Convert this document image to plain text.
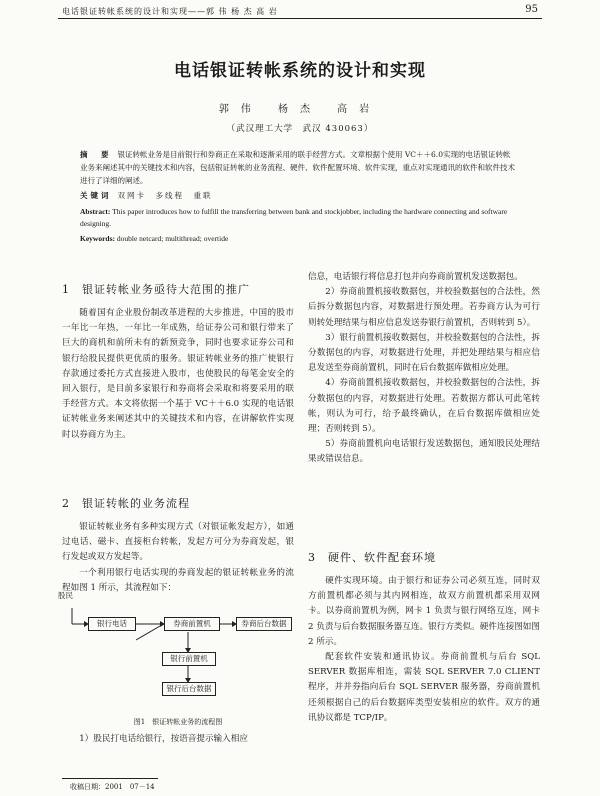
电话银证转帐系统的设计和实现——郭 伟 杨 杰 高 岩	95
电话银证转帐系统的设计和实现
郭伟 杨杰 高岩
（武汉理工大学　武汉 430063）
摘　要 银证转帐业务是目前银行和券商正在采取和逐渐采用的联手经营方式。文章根据个使用 VC＋＋6.0实现的电话银证转帐业务来阐述其中的关键技术和内容，包括银证转帐的业务流程、硬件、软件配置环境、软件实现，重点对实现通讯的软件和软件技术进行了详细的阐述。
关键词 双网卡　多线程　重联
Abstract: This paper introduces how to fulfill the transferring between bank and stockjobber, including the hardware connecting and software designing.
Keywords: double netcard; multithread; overtide
1　银证转帐业务亟待大范围的推广

随着国有企业股份制改革进程的大步推进，中国的股市一年比一年热，一年比一年成熟，给证券公司和银行带来了巨大的商机和前所未有的新预竞争，同时也要求证券公司和银行给股民提供更优质的服务。银证转帐业务的推广使银行存款通过委托方式直接进入股市，也使股民的每笔金安全的回入银行，是目前多家银行和券商将会采取和将要采用的联手经营方式。本文将依据一个基于 VC＋＋6.0 实现的电话银证转帐业务来阐述其中的关键技术和内容，在讲解软件实现时以券商方为主。

2　银证转帐的业务流程

银证转帐业务有多种实现方式（对银证帐发起方），如通过电话、磁卡、直接柜台转帐，发起方可分为券商发起，银行发起或双方发起等。

一个利用银行电话实现的券商发起的银证转帐业务的流程如图 1 所示，其流程如下：

股民
银行电话	券商前置机	券商后台数据
银行前置机
银行后台数据
图1　银证转帐业务的流程图

1）股民打电话给银行，按语音提示输入相应

收稿日期：2001　07－14

信息，电话银行将信息打包并向券商前置机发送数据包。

2）券商前置机接收数据包，并校验数据包的合法性，然后拆分数据包内容，对数据进行预处理。若券商方认为可行则转处理结果与相应信息发送券银行前置机，否则转到 5）。

3）银行前置机接收数据包，并校验数据包的合法性，拆分数据包的内容，对数据进行处理，并把处理结果与相应信息发送至券商前置机，同时在后台数据库做相应处理。

4）券商前置机接收数据包，并校验数据包的合法性，拆分数据包的内容，对数据进行处理。若数据方都认可此笔转帐，则认为可行，给予最终确认，在后台数据库做相应处理；否则转到 5）。

5）券商前置机向电话银行发送数据包，通知股民处理结果或错误信息。

3　硬件、软件配套环境

硬件实现环境。由于银行和证券公司必须互连，同时双方前置机都必须与其内网相连，故双方前置机都采用双网卡。以券商前置机为例，网卡 1 负责与银行网络互连，网卡 2 负责与后台数据服务器互连。银行方类似。硬件连接图如图 2 所示。

配套软件安装和通讯协议。券商前置机与后台 SQL SERVER 数据库相连，需装 SQL SERVER 7.0 CLIENT 程序，并并券指向后台 SQL SERVER 服务器，券商前置机还须根据自己的后台数据库类型安装相应的软件。双方的通讯协议都是 TCP/IP。
